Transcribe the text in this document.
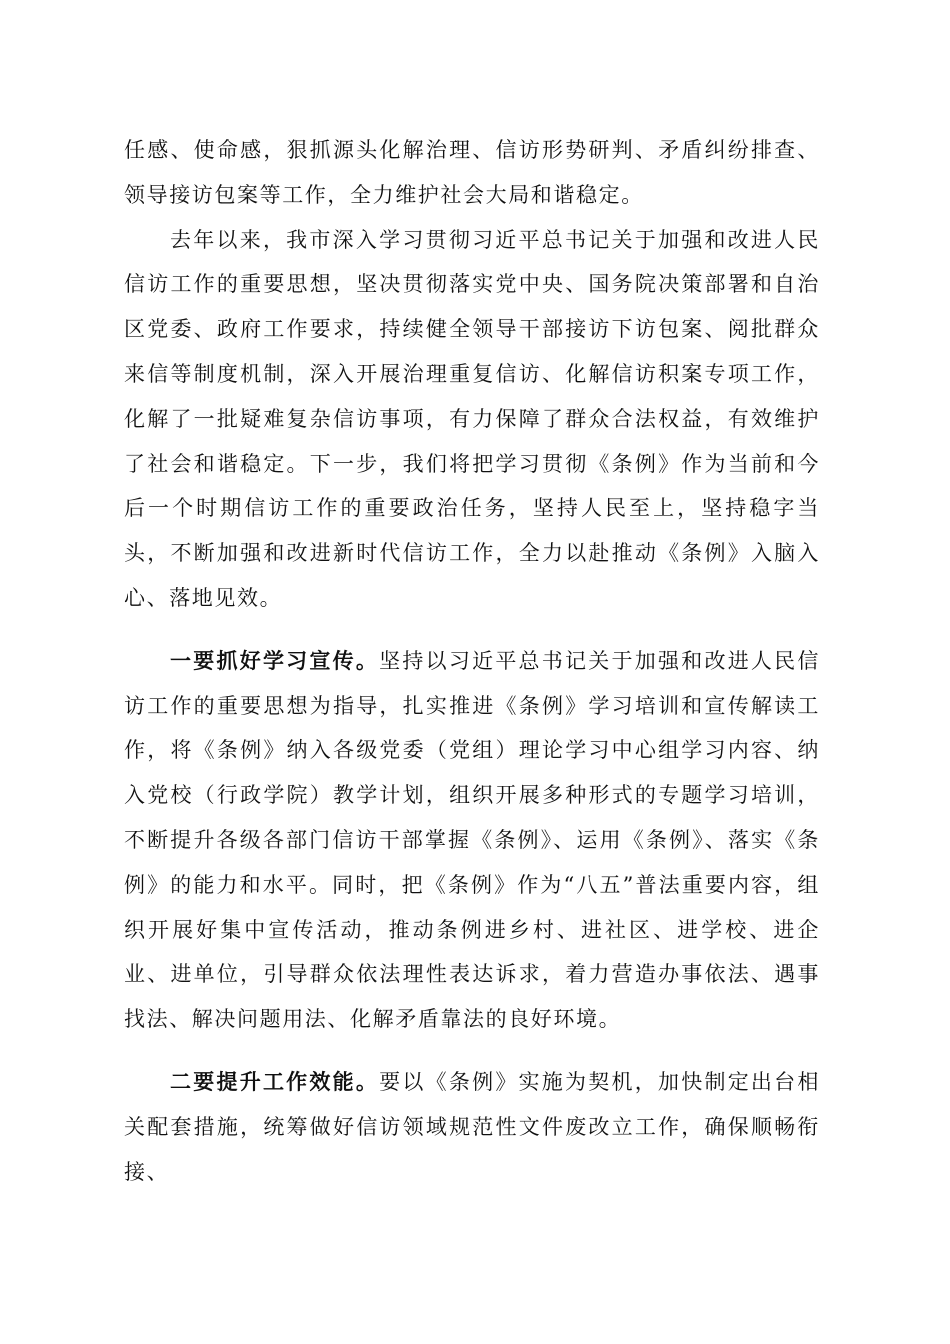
任感、使命感，狠抓源头化解治理、信访形势研判、矛盾纠纷排查、领导接访包案等工作，全力维护社会大局和谐稳定。

去年以来，我市深入学习贯彻习近平总书记关于加强和改进人民信访工作的重要思想，坚决贯彻落实党中央、国务院决策部署和自治区党委、政府工作要求，持续健全领导干部接访下访包案、阅批群众来信等制度机制，深入开展治理重复信访、化解信访积案专项工作，化解了一批疑难复杂信访事项，有力保障了群众合法权益，有效维护了社会和谐稳定。下一步，我们将把学习贯彻《条例》作为当前和今后一个时期信访工作的重要政治任务，坚持人民至上，坚持稳字当头，不断加强和改进新时代信访工作，全力以赴推动《条例》入脑入心、落地见效。

一要抓好学习宣传。坚持以习近平总书记关于加强和改进人民信访工作的重要思想为指导，扎实推进《条例》学习培训和宣传解读工作，将《条例》纳入各级党委（党组）理论学习中心组学习内容、纳入党校（行政学院）教学计划，组织开展多种形式的专题学习培训，不断提升各级各部门信访干部掌握《条例》、运用《条例》、落实《条例》的能力和水平。同时，把《条例》作为“八五”普法重要内容，组织开展好集中宣传活动，推动条例进乡村、进社区、进学校、进企业、进单位，引导群众依法理性表达诉求，着力营造办事依法、遇事找法、解决问题用法、化解矛盾靠法的良好环境。

二要提升工作效能。要以《条例》实施为契机，加快制定出台相关配套措施，统筹做好信访领域规范性文件废改立工作，确保顺畅衔接、
